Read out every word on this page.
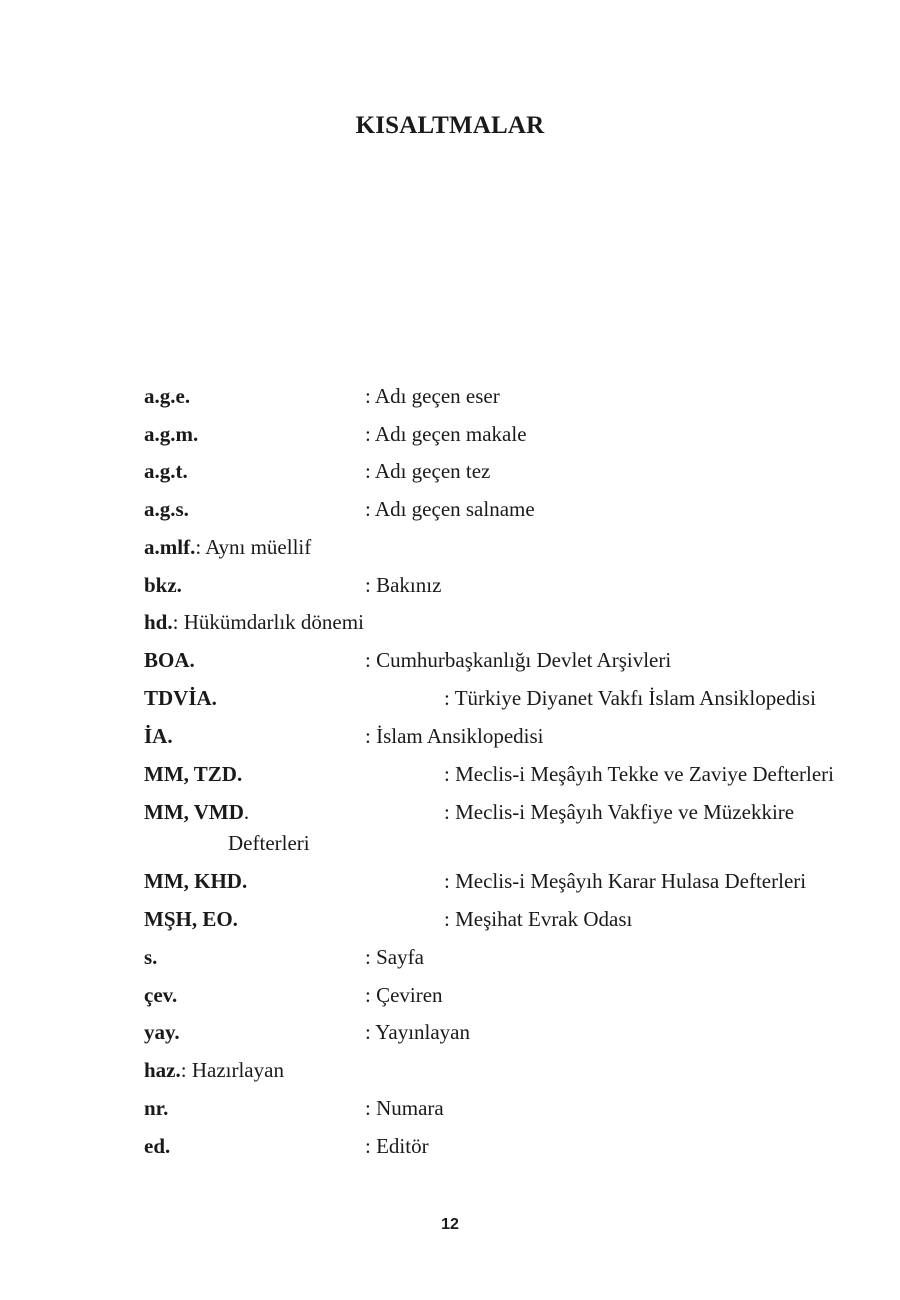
KISALTMALAR
a.g.e.	: Adı geçen eser
a.g.m.	: Adı geçen makale
a.g.t.	: Adı geçen tez
a.g.s.	: Adı geçen salname
a.mlf.: Aynı müellif
bkz.	: Bakınız
hd.: Hükümdarlık dönemi
BOA.	: Cumhurbaşkanlığı Devlet Arşivleri
TDVİA.	: Türkiye Diyanet Vakfı İslam Ansiklopedisi
İA.	: İslam Ansiklopedisi
MM, TZD.	: Meclis-i Meşâyıh Tekke ve Zaviye Defterleri
MM, VMD.	: Meclis-i Meşâyıh Vakfiye ve Müzekkire
Defterleri
MM, KHD.	: Meclis-i Meşâyıh Karar Hulasa Defterleri
MŞH, EO.	: Meşihat Evrak Odası
s.	: Sayfa
çev.	: Çeviren
yay.	: Yayınlayan
haz.: Hazırlayan
nr.	: Numara
ed.	: Editör
12
